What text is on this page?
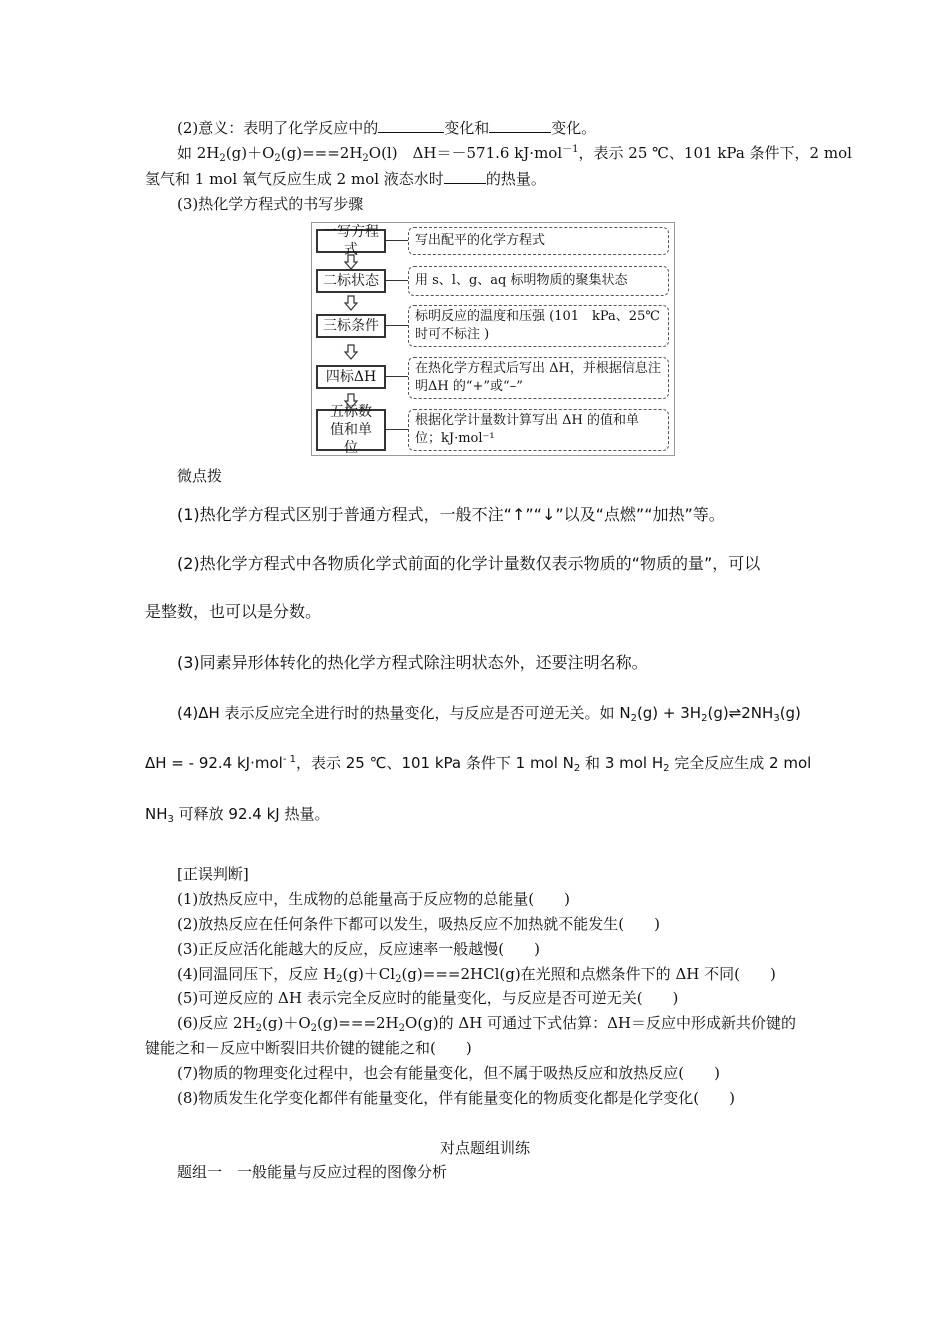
(2)意义：表明了化学反应中的	变化和	变化。
如 $2H_2(g)+O_2(g)===2H_2O(l)$　ΔH＝－571.6 kJ·mol$^{-1}$，表示 25 ℃、101 kPa 条件下，2 mol
氢气和 1 mol 氧气反应生成 2 mol 液态水时	的热量。
(3)热化学方程式的书写步骤
一写方程式
写出配平的化学方程式
二标状态	用 s、l、g、aq 标明物质的聚集状态
三标条件
标明反应的温度和压强 (101　kPa、25℃ 时可不标注 )
四标ΔH
在热化学方程式后写出 ΔH，并根据信息注明ΔH 的“+”或“–”
五标数值和单位
根据化学计量数计算写出 ΔH 的值和单位；kJ·mol⁻¹
微点拨
(1)热化学方程式区别于普通方程式，一般不注“↑”“↓”以及“点燃”“加热”等。
(2)热化学方程式中各物质化学式前面的化学计量数仅表示物质的“物质的量”，可以
是整数，也可以是分数。
(3)同素异形体转化的热化学方程式除注明状态外，还要注明名称。
(4)ΔH 表示反应完全进行时的热量变化，与反应是否可逆无关。如 $N_2(g)$ + $3H_2(g)\rightleftharpoons 2NH_3(g)$
ΔH = - 92.4 kJ·mol$^{- 1}$，表示 25 ℃、101 kPa 条件下 1 mol $N_2$ 和 3 mol $H_2$ 完全反应生成 2 mol
$NH_3$ 可释放 92.4 kJ 热量。
[正误判断]
(1)放热反应中，生成物的总能量高于反应物的总能量(　　)
(2)放热反应在任何条件下都可以发生，吸热反应不加热就不能发生(　　)
(3)正反应活化能越大的反应，反应速率一般越慢(　　)
(4)同温同压下，反应 $H_2(g)+Cl_2(g)===2HCl(g)$在光照和点燃条件下的 ΔH 不同(　　)
(5)可逆反应的 ΔH 表示完全反应时的能量变化，与反应是否可逆无关(　　)
(6)反应 $2H_2(g)+O_2(g)===2H_2O(g)$的 ΔH 可通过下式估算：ΔH＝反应中形成新共价键的
键能之和－反应中断裂旧共价键的键能之和(　　)
(7)物质的物理变化过程中，也会有能量变化，但不属于吸热反应和放热反应(　　)
(8)物质发生化学变化都伴有能量变化，伴有能量变化的物质变化都是化学变化(　　)
对点题组训练
题组一　一般能量与反应过程的图像分析
